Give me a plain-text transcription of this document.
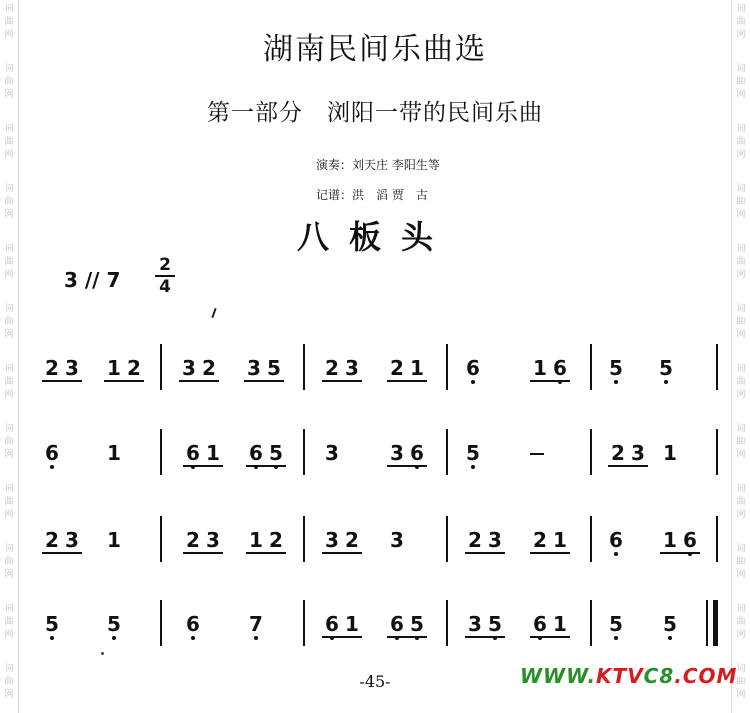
词
曲
网
词
曲
网
词
曲
网
词
曲
网
词
曲
网
词
曲
网
词
曲
网
词
曲
网
词
曲
网
词
曲
网
词
曲
网
词
曲
网
词
曲
网
词
曲
网
词
曲
网
词
曲
网
词
曲
网
词
曲
网
词
曲
网
词
曲
网
词
曲
网
词
曲
网
词
曲
网
词
曲
网
湖南民间乐曲选
第一部分　浏阳一带的民间乐曲
演奏：刘天庄 李阳生等
记谱：洪　滔 贾　古
八板头
3 // 7
2
4
2 3 1 2 3 2 3 5 2 3 2 1 6	1 6 5 5
6 1	6 1 6 5 3	3 6 5	2 3 1
2 3 1	2 3 1 2 3 2 3	2 3 2 1 6 1 6
5 5	6 7	6 1 6 5 3 5 6 1 5 5
-45-	WWW.KTVC8.COM
